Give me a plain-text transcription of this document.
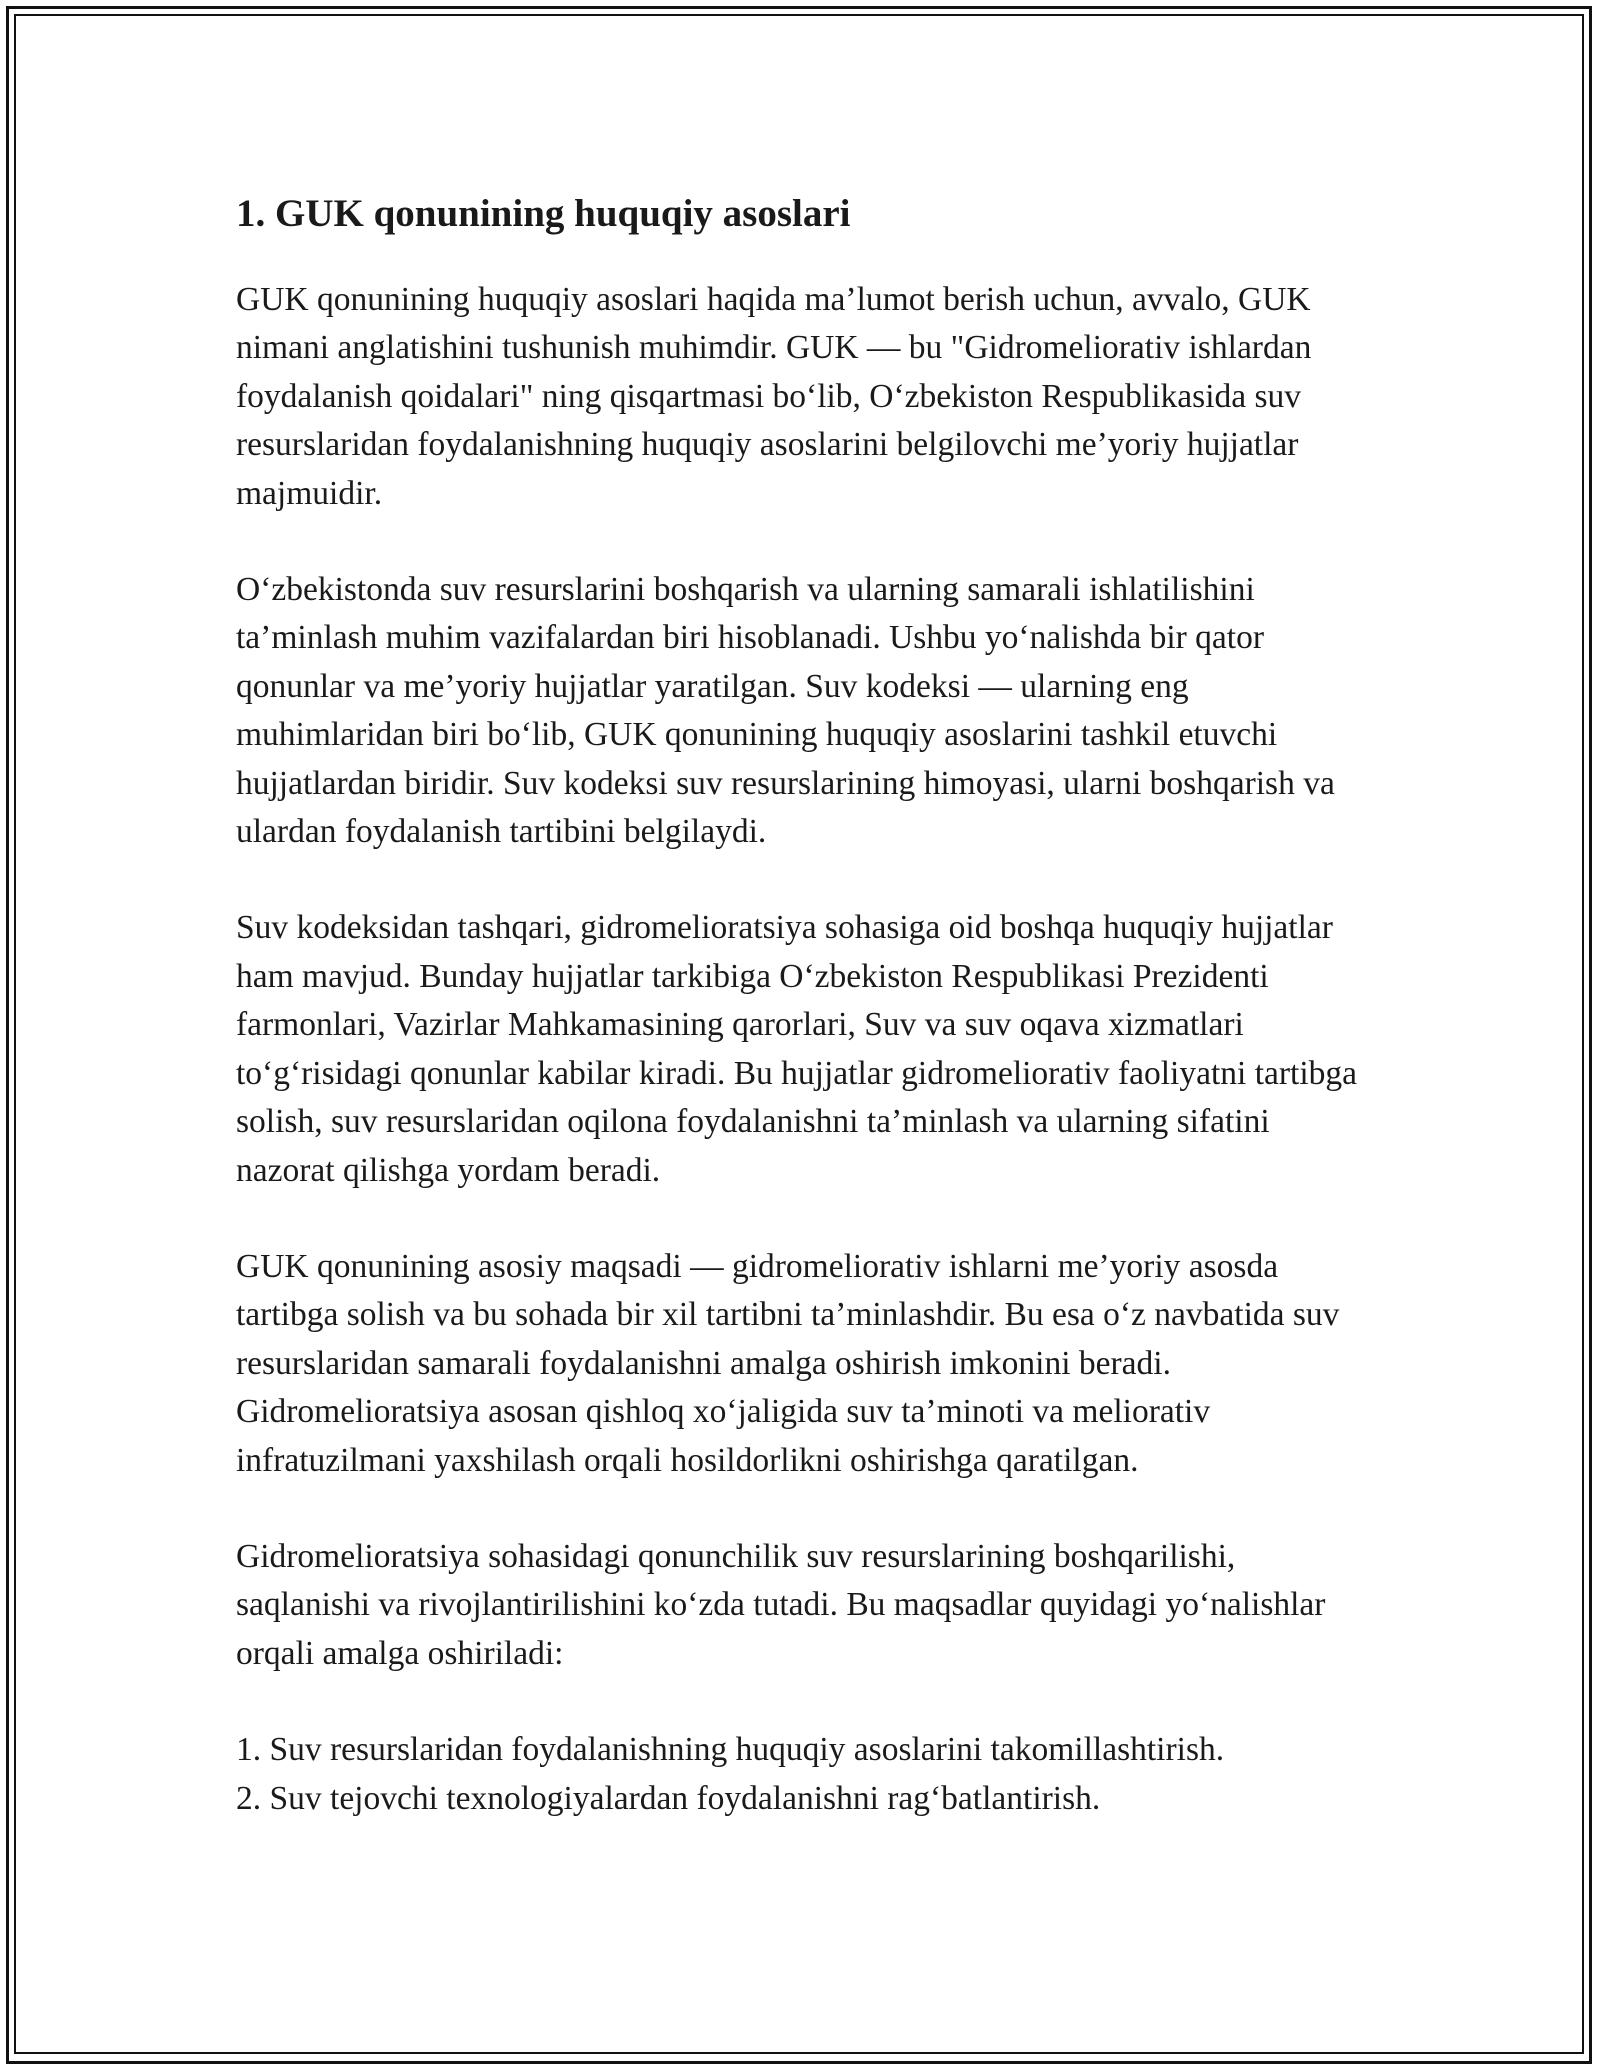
1. GUK qonunining huquqiy asoslari

GUK qonunining huquqiy asoslari haqida ma’lumot berish uchun, avvalo, GUK nimani anglatishini tushunish muhimdir. GUK — bu "Gidromeliorativ ishlardan foydalanish qoidalari" ning qisqartmasi bo‘lib, O‘zbekiston Respublikasida suv resurslaridan foydalanishning huquqiy asoslarini belgilovchi me’yoriy hujjatlar majmuidir.

O‘zbekistonda suv resurslarini boshqarish va ularning samarali ishlatilishini ta’minlash muhim vazifalardan biri hisoblanadi. Ushbu yo‘nalishda bir qator qonunlar va me’yoriy hujjatlar yaratilgan. Suv kodeksi — ularning eng muhimlaridan biri bo‘lib, GUK qonunining huquqiy asoslarini tashkil etuvchi hujjatlardan biridir. Suv kodeksi suv resurslarining himoyasi, ularni boshqarish va ulardan foydalanish tartibini belgilaydi.

Suv kodeksidan tashqari, gidromelioratsiya sohasiga oid boshqa huquqiy hujjatlar ham mavjud. Bunday hujjatlar tarkibiga O‘zbekiston Respublikasi Prezidenti farmonlari, Vazirlar Mahkamasining qarorlari, Suv va suv oqava xizmatlari to‘g‘risidagi qonunlar kabilar kiradi. Bu hujjatlar gidromeliorativ faoliyatni tartibga solish, suv resurslaridan oqilona foydalanishni ta’minlash va ularning sifatini nazorat qilishga yordam beradi.

GUK qonunining asosiy maqsadi — gidromeliorativ ishlarni me’yoriy asosda tartibga solish va bu sohada bir xil tartibni ta’minlashdir. Bu esa o‘z navbatida suv resurslaridan samarali foydalanishni amalga oshirish imkonini beradi. Gidromelioratsiya asosan qishloq xo‘jaligida suv ta’minoti va meliorativ infratuzilmani yaxshilash orqali hosildorlikni oshirishga qaratilgan.

Gidromelioratsiya sohasidagi qonunchilik suv resurslarining boshqarilishi, saqlanishi va rivojlantirilishini ko‘zda tutadi. Bu maqsadlar quyidagi yo‘nalishlar orqali amalga oshiriladi:

1. Suv resurslaridan foydalanishning huquqiy asoslarini takomillashtirish.
2. Suv tejovchi texnologiyalardan foydalanishni rag‘batlantirish.
